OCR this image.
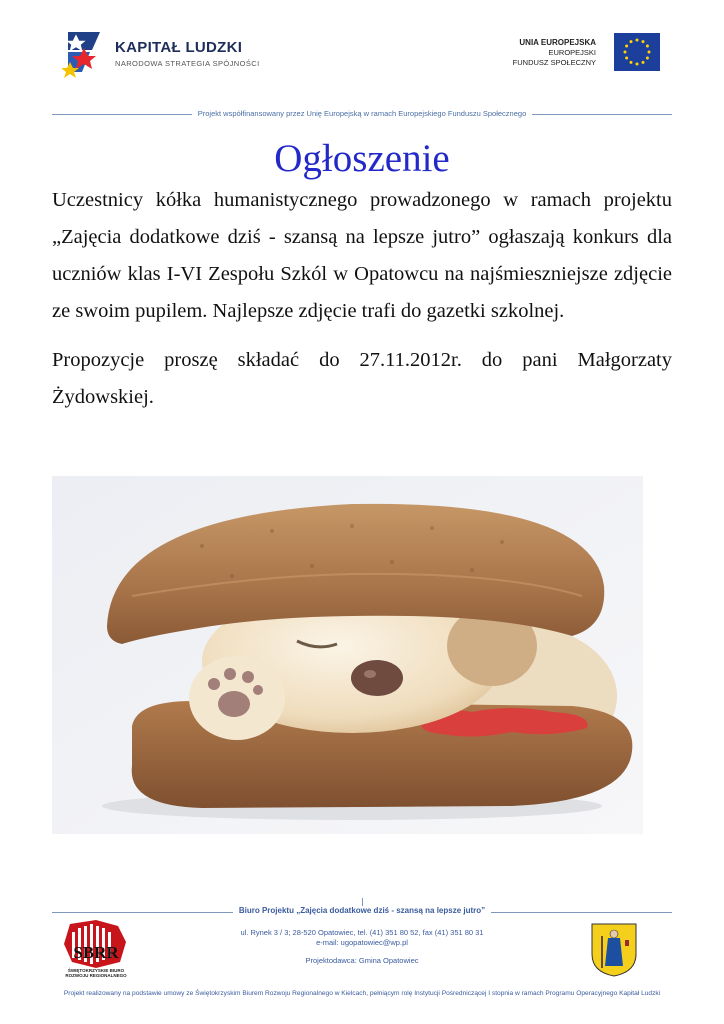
KAPITAŁ LUDZKI
NARODOWA STRATEGIA SPÓJNOŚCI
UNIA EUROPEJSKA
EUROPEJSKI
FUNDUSZ SPOŁECZNY
Projekt współfinansowany przez Unię Europejską w ramach Europejskiego Funduszu Społecznego
Ogłoszenie
Uczestnicy kółka humanistycznego prowadzonego w ramach projektu „Zajęcia dodatkowe dziś - szansą na lepsze jutro” ogłaszają konkurs dla uczniów klas I-VI Zespołu Szkól w Opatowcu na najśmieszniejsze zdjęcie ze swoim pupilem. Najlepsze zdjęcie trafi do gazetki szkolnej.
Propozycje proszę składać do 27.11.2012r. do pani Małgorzaty Żydowskiej.
Biuro Projektu „Zajęcia dodatkowe dziś - szansą na lepsze jutro”
ul. Rynek 3 / 3; 28-520 Opatowiec, tel. (41) 351 80 52, fax (41) 351 80 31
e-mail: ugopatowiec@wp.pl
Projektodawca: Gmina Opatowiec
SBRR
ŚWIĘTOKRZYSKIE BIURO
ROZWOJU REGIONALNEGO
Projekt realizowany na podstawie umowy ze Świętokrzyskim Biurem Rozwoju Regionalnego w Kielcach, pełniącym rolę Instytucji Pośredniczącej I stopnia w ramach Programu Operacyjnego Kapitał Ludzki
